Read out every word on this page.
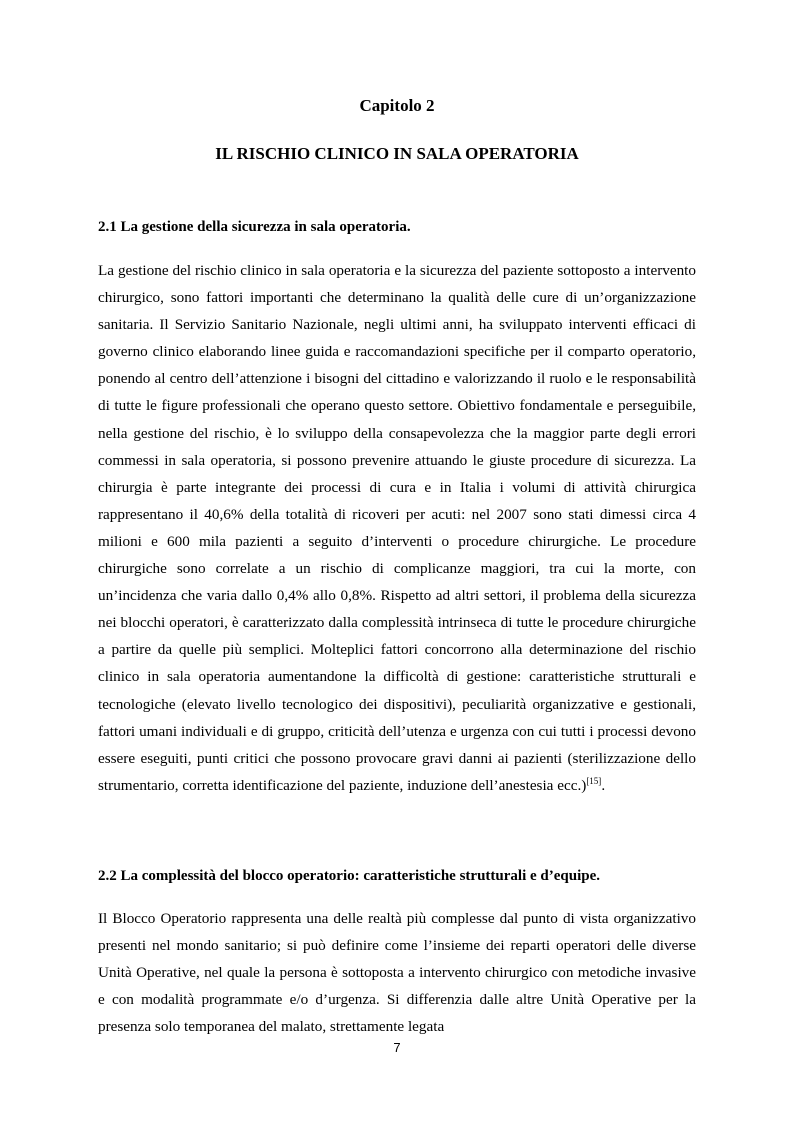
Capitolo 2
IL RISCHIO CLINICO IN SALA OPERATORIA
2.1 La gestione della sicurezza in sala operatoria.

La gestione del rischio clinico in sala operatoria e la sicurezza del paziente sottoposto a intervento chirurgico, sono fattori importanti che determinano la qualità delle cure di un’organizzazione sanitaria. Il Servizio Sanitario Nazionale, negli ultimi anni, ha sviluppato interventi efficaci di governo clinico elaborando linee guida e raccomandazioni specifiche per il comparto operatorio, ponendo al centro dell’attenzione i bisogni del cittadino e valorizzando il ruolo e le responsabilità di tutte le figure professionali che operano questo settore. Obiettivo fondamentale e perseguibile, nella gestione del rischio, è lo sviluppo della consapevolezza che la maggior parte degli errori commessi in sala operatoria, si possono prevenire attuando le giuste procedure di sicurezza. La chirurgia è parte integrante dei processi di cura e in Italia i volumi di attività chirurgica rappresentano il 40,6% della totalità di ricoveri per acuti: nel 2007 sono stati dimessi circa 4 milioni e 600 mila pazienti a seguito d’interventi o procedure chirurgiche. Le procedure chirurgiche sono correlate a un rischio di complicanze maggiori, tra cui la morte, con un’incidenza che varia dallo 0,4% allo 0,8%. Rispetto ad altri settori, il problema della sicurezza nei blocchi operatori, è caratterizzato dalla complessità intrinseca di tutte le procedure chirurgiche a partire da quelle più semplici. Molteplici fattori concorrono alla determinazione del rischio clinico in sala operatoria aumentandone la difficoltà di gestione: caratteristiche strutturali e tecnologiche (elevato livello tecnologico dei dispositivi), peculiarità organizzative e gestionali, fattori umani individuali e di gruppo, criticità dell’utenza e urgenza con cui tutti i processi devono essere eseguiti, punti critici che possono provocare gravi danni ai pazienti (sterilizzazione dello strumentario, corretta identificazione del paziente, induzione dell’anestesia ecc.)[15].

2.2 La complessità del blocco operatorio: caratteristiche strutturali e d’equipe.

Il Blocco Operatorio rappresenta una delle realtà più complesse dal punto di vista organizzativo presenti nel mondo sanitario; si può definire come l’insieme dei reparti operatori delle diverse Unità Operative, nel quale la persona è sottoposta a intervento chirurgico con metodiche invasive e con modalità programmate e/o d’urgenza. Si differenzia dalle altre Unità Operative per la presenza solo temporanea del malato, strettamente legata

7
